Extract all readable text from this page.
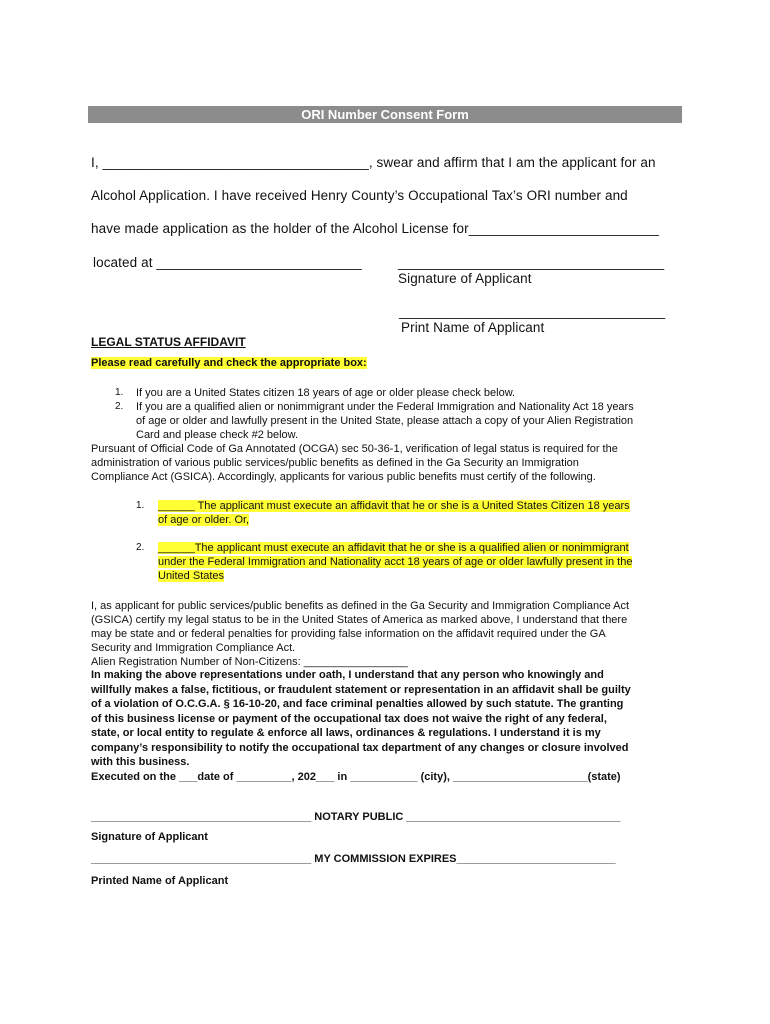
ORI Number Consent Form
I, ___________________________________, swear and affirm that I am the applicant for an
Alcohol Application. I have received Henry County’s Occupational Tax’s ORI number and
have made application as the holder of the Alcohol License for_________________________
located at ___________________________	___________________________________
Signature of Applicant
___________________________________
Print Name of Applicant
LEGAL STATUS AFFIDAVIT
Please read carefully and check the appropriate box:
1. If you are a United States citizen 18 years of age or older please check below.
2. If you are a qualified alien or nonimmigrant under the Federal Immigration and Nationality Act 18 years
of age or older and lawfully present in the United State, please attach a copy of your Alien Registration
Card and please check #2 below.
Pursuant of Official Code of Ga Annotated (OCGA) sec 50-36-1, verification of legal status is required for the
administration of various public services/public benefits as defined in the Ga Security an Immigration
Compliance Act (GSICA). Accordingly, applicants for various public benefits must certify of the following.
1. ______ The applicant must execute an affidavit that he or she is a United States Citizen 18 years
of age or older. Or,
2. ______The applicant must execute an affidavit that he or she is a qualified alien or nonimmigrant
under the Federal Immigration and Nationality acct 18 years of age or older lawfully present in the
United States
I, as applicant for public services/public benefits as defined in the Ga Security and Immigration Compliance Act
(GSICA) certify my legal status to be in the United States of America as marked above, I understand that there
may be state and or federal penalties for providing false information on the affidavit required under the GA
Security and Immigration Compliance Act.
Alien Registration Number of Non-Citizens: _________________
In making the above representations under oath, I understand that any person who knowingly and
willfully makes a false, fictitious, or fraudulent statement or representation in an affidavit shall be guilty
of a violation of O.C.G.A. § 16-10-20, and face criminal penalties allowed by such statute. The granting
of this business license or payment of the occupational tax does not waive the right of any federal,
state, or local entity to regulate & enforce all laws, ordinances & regulations. I understand it is my
company’s responsibility to notify the occupational tax department of any changes or closure involved
with this business.
Executed on the ___date of _________, 202___ in ___________ (city), ______________________(state)
____________________________________ NOTARY PUBLIC ___________________________________
Signature of Applicant
____________________________________ MY COMMISSION EXPIRES__________________________
Printed Name of Applicant
